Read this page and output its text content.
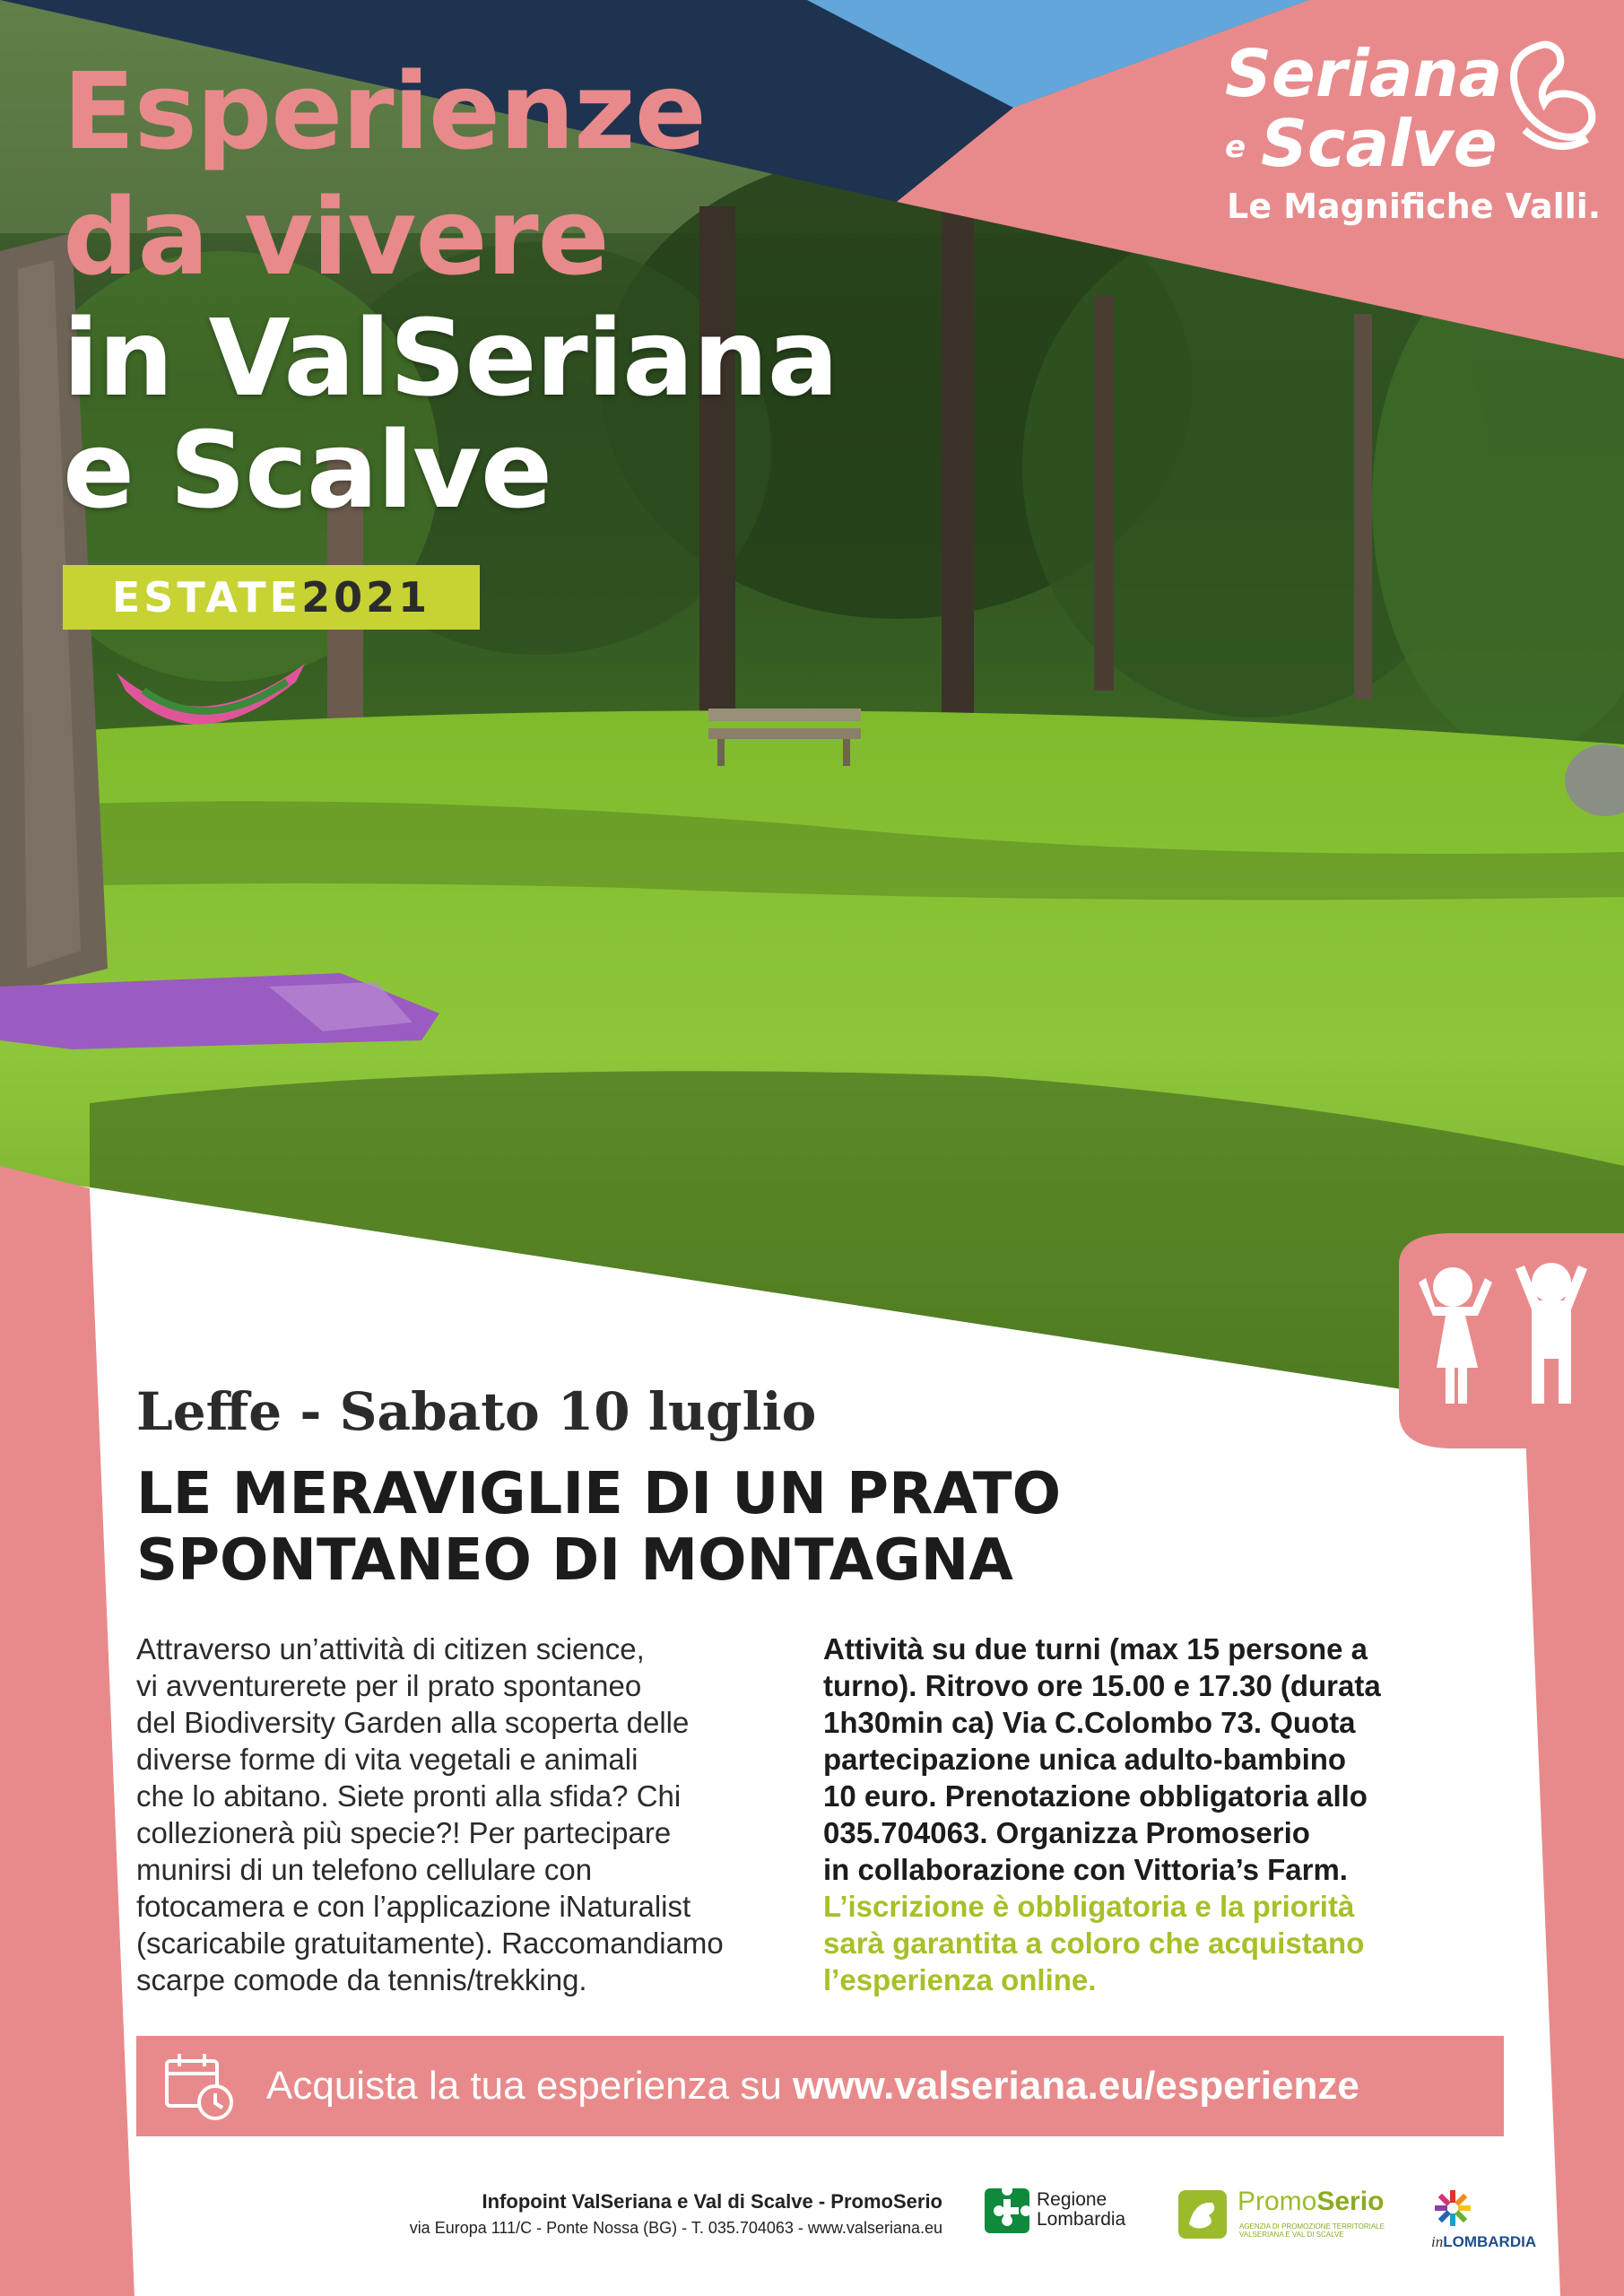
Esperienze
da vivere
in ValSeriana
e Scalve
ESTATE 2021
Seriana
e Scalve
Le Magnifiche Valli.
Leffe - Sabato 10 luglio
LE MERAVIGLIE DI UN PRATO
SPONTANEO DI MONTAGNA
Attraverso un’attività di citizen science,
vi avventurerete per il prato spontaneo
del Biodiversity Garden alla scoperta delle
diverse forme di vita vegetali e animali
che lo abitano. Siete pronti alla sfida? Chi
collezionerà più specie?! Per partecipare
munirsi di un telefono cellulare con
fotocamera e con l’applicazione iNaturalist
(scaricabile gratuitamente). Raccomandiamo
scarpe comode da tennis/trekking.
Attività su due turni (max 15 persone a
turno). Ritrovo ore 15.00 e 17.30 (durata
1h30min ca) Via C.Colombo 73. Quota
partecipazione unica adulto-bambino
10 euro. Prenotazione obbligatoria allo
035.704063. Organizza Promoserio
in collaborazione con Vittoria’s Farm.
L’iscrizione è obbligatoria e la priorità
sarà garantita a coloro che acquistano
l’esperienza online.
Acquista la tua esperienza su www.valseriana.eu/esperienze
Infopoint ValSeriana e Val di Scalve - PromoSerio
via Europa 111/C - Ponte Nossa (BG) - T. 035.704063 - www.valseriana.eu
Regione
Lombardia
PromoSerio
AGENZIA DI PROMOZIONE TERRITORIALE
VALSERIANA E VAL DI SCALVE	inLOMBARDIA
